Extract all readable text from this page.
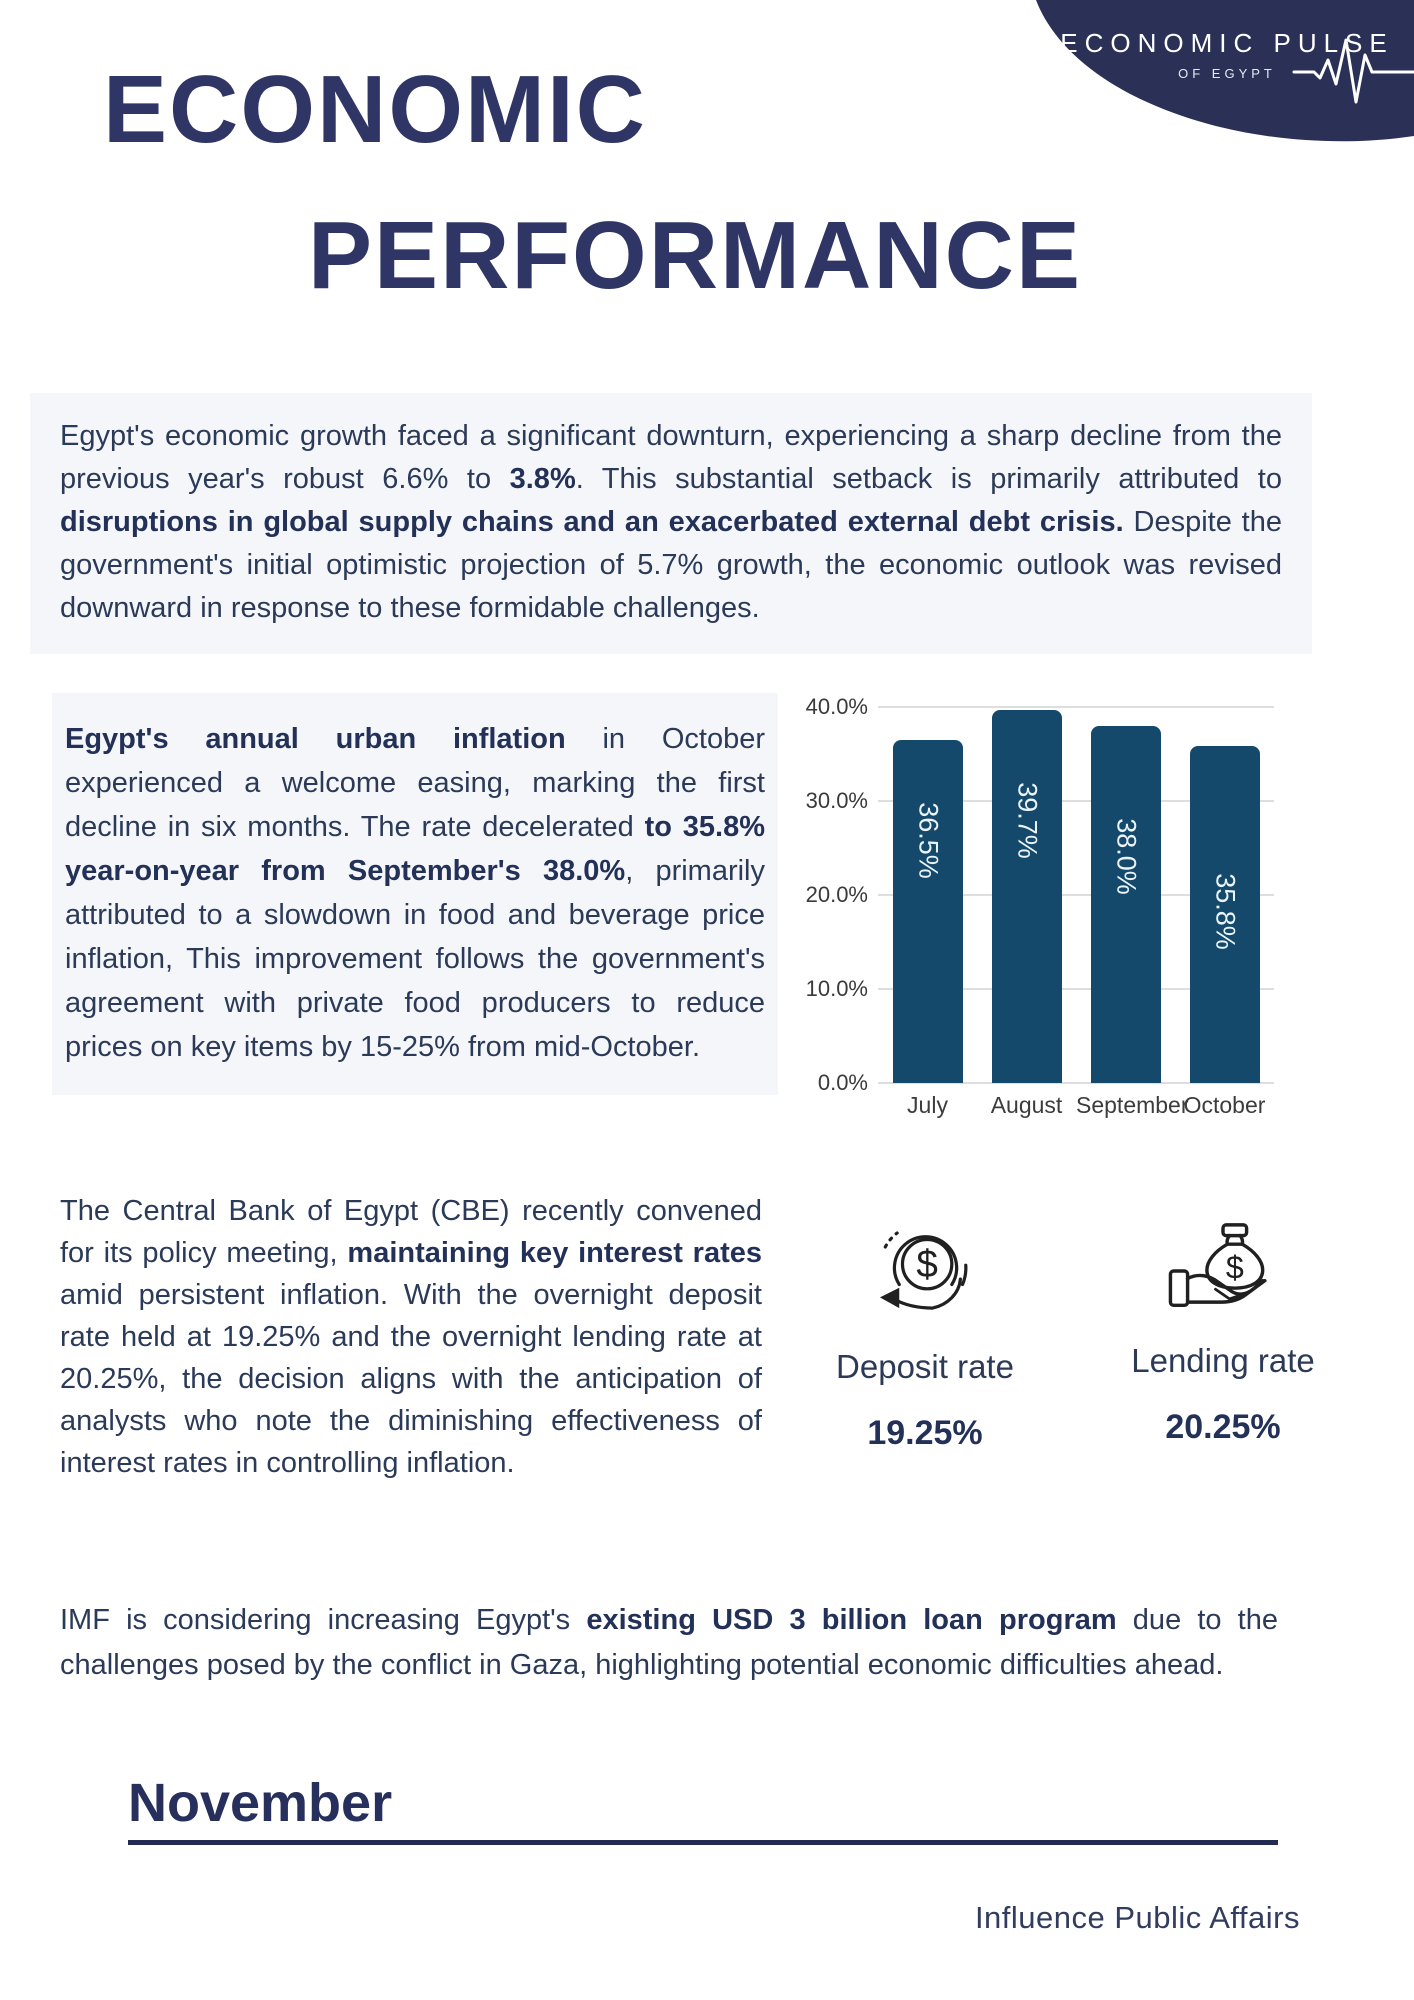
ECONOMIC PULSE
OF EGYPT
ECONOMIC
PERFORMANCE
Egypt's economic growth faced a significant downturn, experiencing a sharp decline from the previous year's robust 6.6% to 3.8%. This substantial setback is primarily attributed to disruptions in global supply chains and an exacerbated external debt crisis. Despite the government's initial optimistic projection of 5.7% growth, the economic outlook was revised downward in response to these formidable challenges.
Egypt's annual urban inflation in October experienced a welcome easing, marking the first decline in six months. The rate decelerated to 35.8% year-on-year from September's 38.0%, primarily attributed to a slowdown in food and beverage price inflation, This improvement follows the government's agreement with private food producers to reduce prices on key items by 15-25% from mid-October.
The Central Bank of Egypt (CBE) recently convened for its policy meeting, maintaining key interest rates amid persistent inflation. With the overnight deposit rate held at 19.25% and the overnight lending rate at 20.25%, the decision aligns with the anticipation of analysts who note the diminishing effectiveness of interest rates in controlling inflation.
IMF is considering increasing Egypt's existing USD 3 billion loan program due to the challenges posed by the conflict in Gaza, highlighting potential economic difficulties ahead.
0.0%
10.0%
20.0%
30.0%
40.0%
36.5%
July
39.7%
August
38.0%
September
35.8%
October
$
Deposit rate
19.25%
$
Lending rate
20.25%
November
Influence Public Affairs
